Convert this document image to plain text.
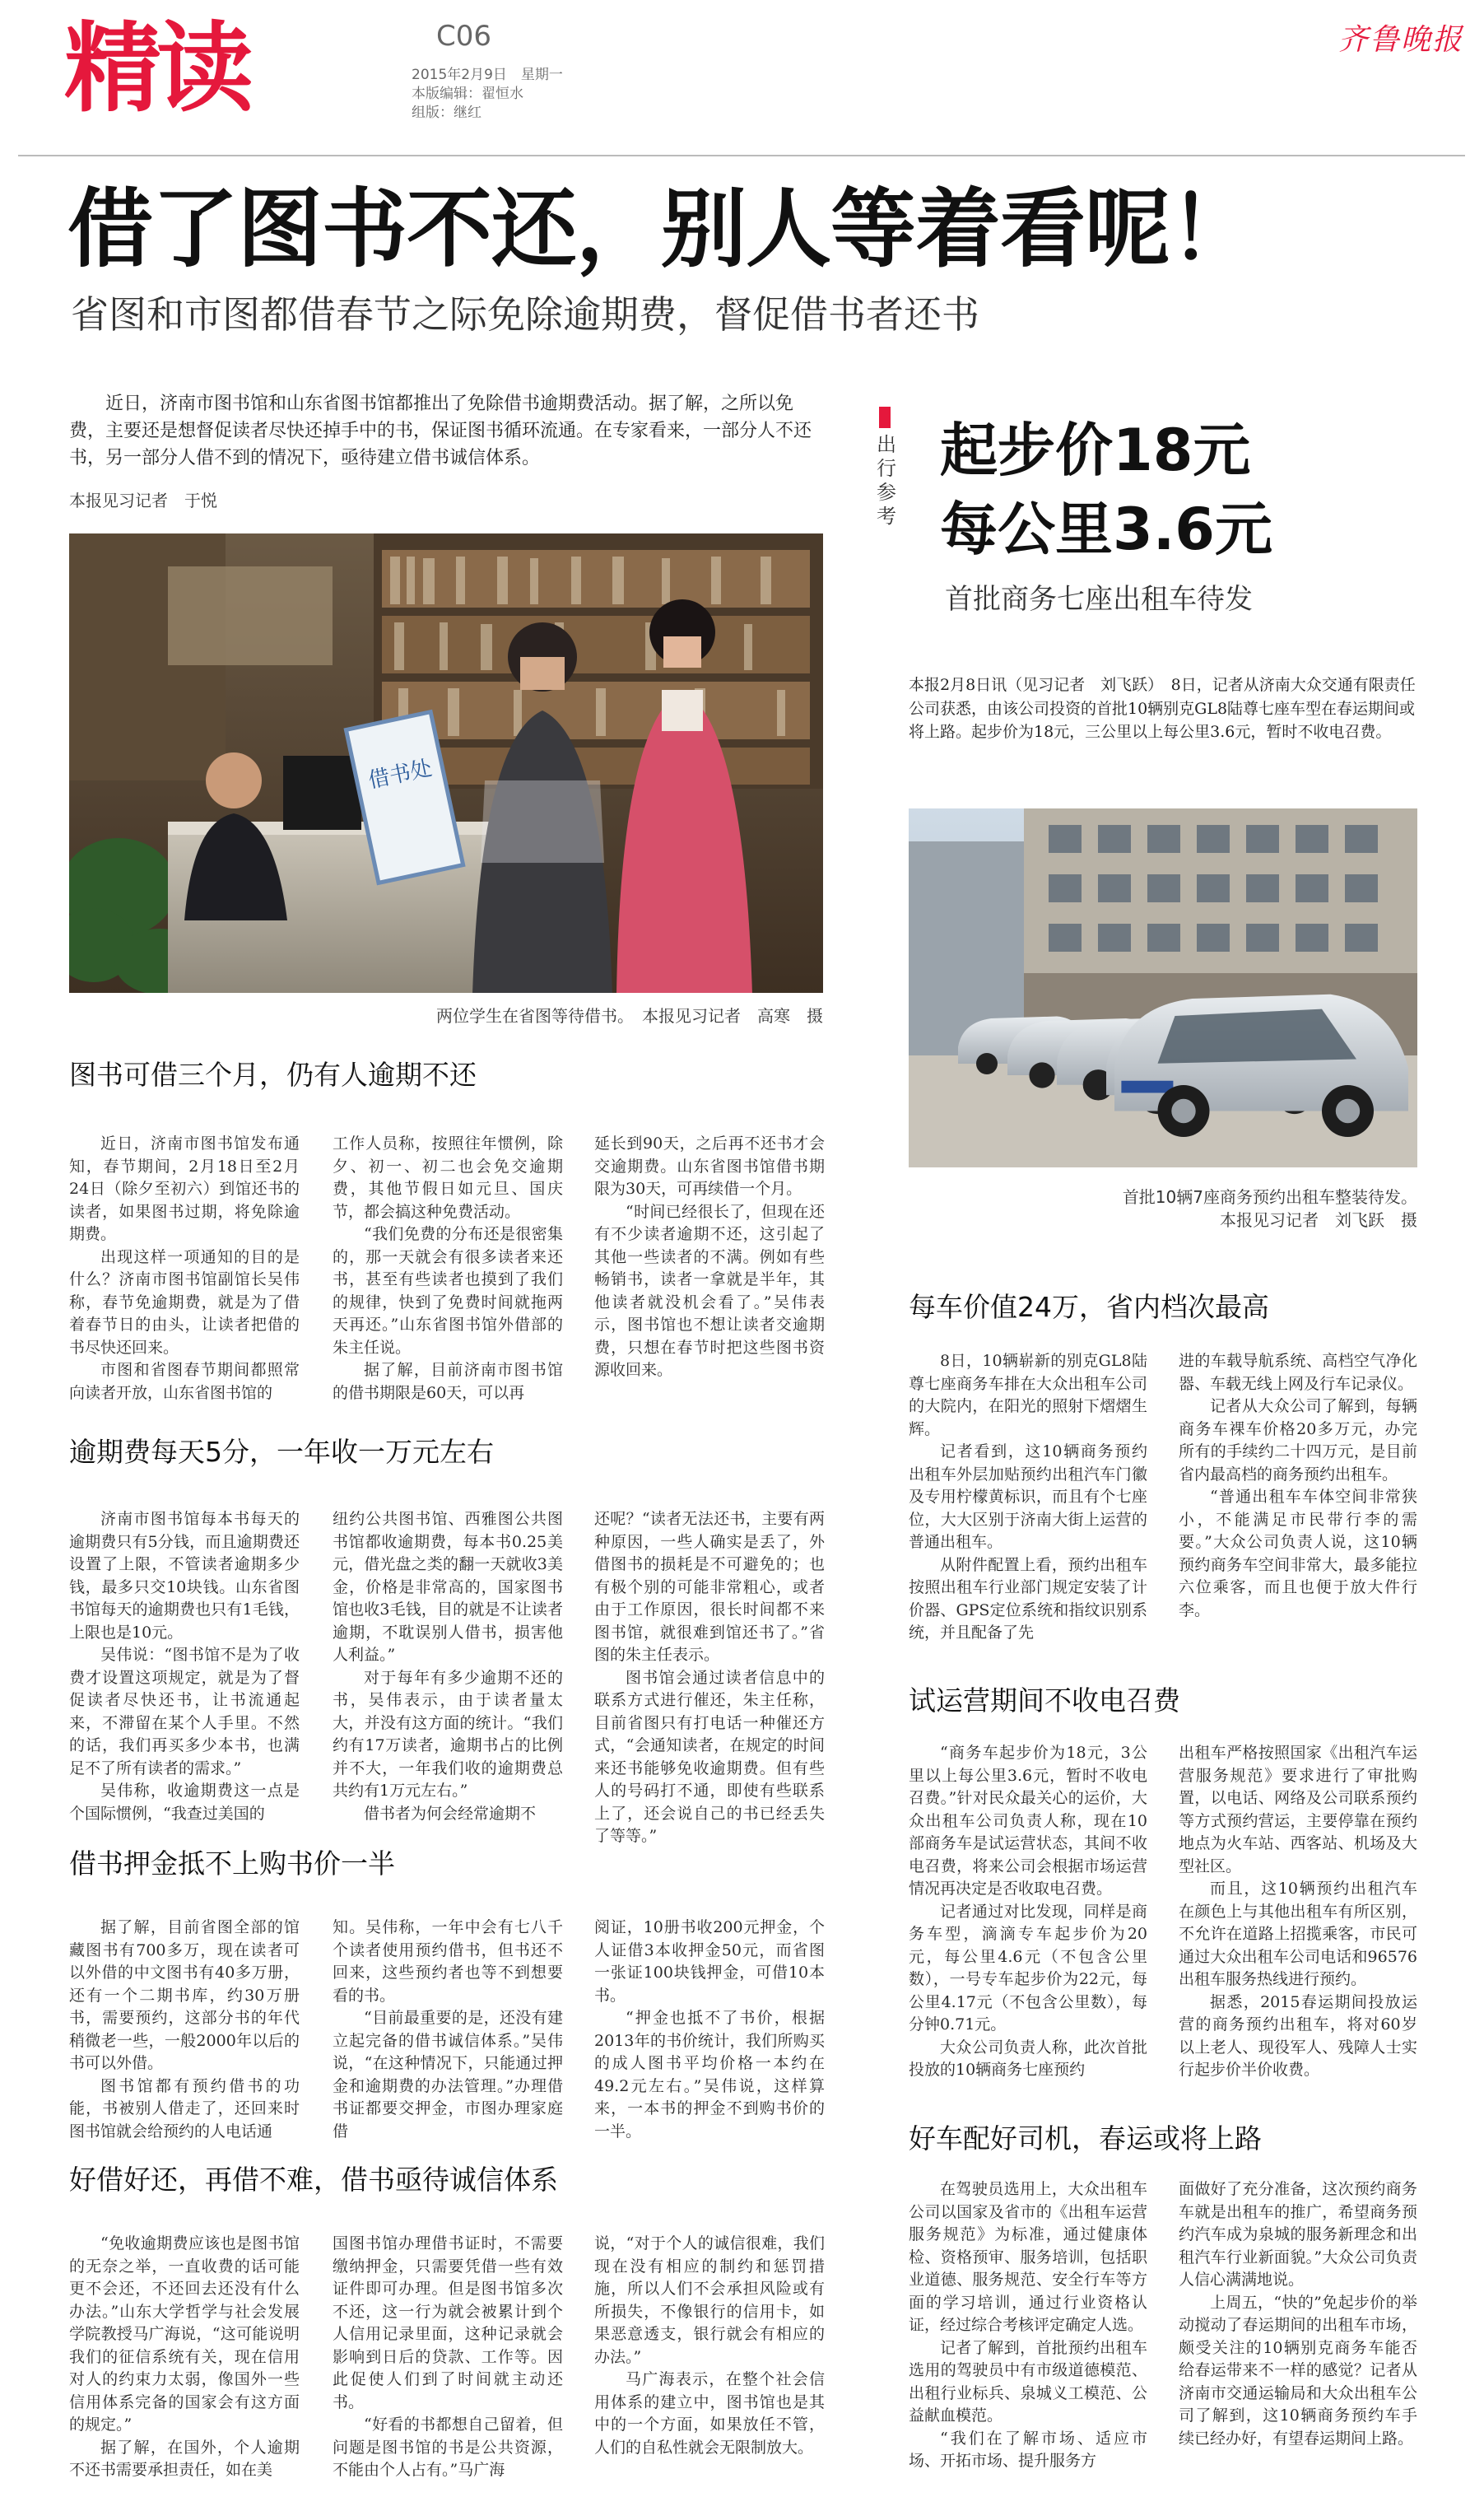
精读	C06
2015年2月9日　星期一
本版编辑：翟恒水
组版：继红
齐鲁晚报
借了图书不还，别人等着看呢！
省图和市图都借春节之际免除逾期费，督促借书者还书
近日，济南市图书馆和山东省图书馆都推出了免除借书逾期费活动。据了解，之所以免费，主要还是想督促读者尽快还掉手中的书，保证图书循环流通。在专家看来，一部分人不还书，另一部分人借不到的情况下，亟待建立借书诚信体系。
本报见习记者　于悦
借书处
两位学生在省图等待借书。　本报见习记者　高寒　摄
图书可借三个月，仍有人逾期不还
近日，济南市图书馆发布通知，春节期间，2月18日至2月24日（除夕至初六）到馆还书的读者，如果图书过期，将免除逾期费。
出现这样一项通知的目的是什么？济南市图书馆副馆长吴伟称，春节免逾期费，就是为了借着春节日的由头，让读者把借的书尽快还回来。
市图和省图春节期间都照常向读者开放，山东省图书馆的
工作人员称，按照往年惯例，除夕、初一、初二也会免交逾期费，其他节假日如元旦、国庆节，都会搞这种免费活动。
“我们免费的分布还是很密集的，那一天就会有很多读者来还书，甚至有些读者也摸到了我们的规律，快到了免费时间就拖两天再还。”山东省图书馆外借部的朱主任说。
据了解，目前济南市图书馆的借书期限是60天，可以再
延长到90天，之后再不还书才会交逾期费。山东省图书馆借书期限为30天，可再续借一个月。
“时间已经很长了，但现在还有不少读者逾期不还，这引起了其他一些读者的不满。例如有些畅销书，读者一拿就是半年，其他读者就没机会看了。”吴伟表示，图书馆也不想让读者交逾期费，只想在春节时把这些图书资源收回来。
逾期费每天5分，一年收一万元左右
济南市图书馆每本书每天的逾期费只有5分钱，而且逾期费还设置了上限，不管读者逾期多少钱，最多只交10块钱。山东省图书馆每天的逾期费也只有1毛钱，上限也是10元。
吴伟说：“图书馆不是为了收费才设置这项规定，就是为了督促读者尽快还书，让书流通起来，不滞留在某个人手里。不然的话，我们再买多少本书，也满足不了所有读者的需求。”
吴伟称，收逾期费这一点是个国际惯例，“我查过美国的
纽约公共图书馆、西雅图公共图书馆都收逾期费，每本书0.25美元，借光盘之类的翻一天就收3美金，价格是非常高的，国家图书馆也收3毛钱，目的就是不让读者逾期，不耽误别人借书，损害他人利益。”
对于每年有多少逾期不还的书，吴伟表示，由于读者量太大，并没有这方面的统计。“我们约有17万读者，逾期书占的比例并不大，一年我们收的逾期费总共约有1万元左右。”
借书者为何会经常逾期不
还呢？“读者无法还书，主要有两种原因，一些人确实是丢了，外借图书的损耗是不可避免的；也有极个别的可能非常粗心，或者由于工作原因，很长时间都不来图书馆，就很难到馆还书了。”省图的朱主任表示。
图书馆会通过读者信息中的联系方式进行催还，朱主任称，目前省图只有打电话一种催还方式，“会通知读者，在规定的时间来还书能够免收逾期费。但有些人的号码打不通，即使有些联系上了，还会说自己的书已经丢失了等等。”
借书押金抵不上购书价一半
据了解，目前省图全部的馆藏图书有700多万，现在读者可以外借的中文图书有40多万册，还有一个二期书库，约30万册书，需要预约，这部分书的年代稍微老一些，一般2000年以后的书可以外借。
图书馆都有预约借书的功能，书被别人借走了，还回来时图书馆就会给预约的人电话通
知。吴伟称，一年中会有七八千个读者使用预约借书，但书还不回来，这些预约者也等不到想要看的书。
“目前最重要的是，还没有建立起完备的借书诚信体系。”吴伟说，“在这种情况下，只能通过押金和逾期费的办法管理。”办理借书证都要交押金，市图办理家庭借
阅证，10册书收200元押金，个人证借3本收押金50元，而省图一张证100块钱押金，可借10本书。
“押金也抵不了书价，根据2013年的书价统计，我们所购买的成人图书平均价格一本约在49.2元左右。”吴伟说，这样算来，一本书的押金不到购书价的一半。
好借好还，再借不难，借书亟待诚信体系
“免收逾期费应该也是图书馆的无奈之举，一直收费的话可能更不会还，不还回去还没有什么办法。”山东大学哲学与社会发展学院教授马广海说，“这可能说明我们的征信系统有关，现在信用对人的约束力太弱，像国外一些信用体系完备的国家会有这方面的规定。”
据了解，在国外，个人逾期不还书需要承担责任，如在美
国图书馆办理借书证时，不需要缴纳押金，只需要凭借一些有效证件即可办理。但是图书馆多次不还，这一行为就会被累计到个人信用记录里面，这种记录就会影响到日后的贷款、工作等。因此促使人们到了时间就主动还书。
“好看的书都想自己留着，但问题是图书馆的书是公共资源，不能由个人占有。”马广海
说，“对于个人的诚信很难，我们现在没有相应的制约和惩罚措施，所以人们不会承担风险或有所损失，不像银行的信用卡，如果恶意透支，银行就会有相应的办法。”
马广海表示，在整个社会信用体系的建立中，图书馆也是其中的一个方面，如果放任不管，人们的自私性就会无限制放大。
出行参考
起步价18元
每公里3.6元
首批商务七座出租车待发
本报2月8日讯（见习记者　刘飞跃）　8日，记者从济南大众交通有限责任公司获悉，由该公司投资的首批10辆别克GL8陆尊七座车型在春运期间或将上路。起步价为18元，三公里以上每公里3.6元，暂时不收电召费。
首批10辆7座商务预约出租车整装待发。
本报见习记者　刘飞跃　摄
每车价值24万，省内档次最高
8日，10辆崭新的别克GL8陆尊七座商务车排在大众出租车公司的大院内，在阳光的照射下熠熠生辉。
记者看到，这10辆商务预约出租车外层加贴预约出租汽车门徽及专用柠檬黄标识，而且有个七座位，大大区别于济南大街上运营的普通出租车。
从附件配置上看，预约出租车按照出租车行业部门规定安装了计价器、GPS定位系统和指纹识别系统，并且配备了先
进的车载导航系统、高档空气净化器、车载无线上网及行车记录仪。
记者从大众公司了解到，每辆商务车裸车价格20多万元，办完所有的手续约二十四万元，是目前省内最高档的商务预约出租车。
“普通出租车车体空间非常狭小，不能满足市民带行李的需要。”大众公司负责人说，这10辆预约商务车空间非常大，最多能拉六位乘客，而且也便于放大件行李。
试运营期间不收电召费
“商务车起步价为18元，3公里以上每公里3.6元，暂时不收电召费。”针对民众最关心的运价，大众出租车公司负责人称，现在10部商务车是试运营状态，其间不收电召费，将来公司会根据市场运营情况再决定是否收取电召费。
记者通过对比发现，同样是商务车型，滴滴专车起步价为20元，每公里4.6元（不包含公里数），一号专车起步价为22元，每公里4.17元（不包含公里数），每分钟0.71元。
大众公司负责人称，此次首批投放的10辆商务七座预约
出租车严格按照国家《出租汽车运营服务规范》要求进行了审批购置，以电话、网络及公司联系预约等方式预约营运，主要停靠在预约地点为火车站、西客站、机场及大型社区。
而且，这10辆预约出租汽车在颜色上与其他出租车有所区别，不允许在道路上招揽乘客，市民可通过大众出租车公司电话和96576出租车服务热线进行预约。
据悉，2015春运期间投放运营的商务预约出租车，将对60岁以上老人、现役军人、残障人士实行起步价半价收费。
好车配好司机，春运或将上路
在驾驶员选用上，大众出租车公司以国家及省市的《出租车运营服务规范》为标准，通过健康体检、资格预审、服务培训，包括职业道德、服务规范、安全行车等方面的学习培训，通过行业资格认证，经过综合考核评定确定人选。
记者了解到，首批预约出租车选用的驾驶员中有市级道德模范、出租行业标兵、泉城义工模范、公益献血模范。
“我们在了解市场、适应市场、开拓市场、提升服务方
面做好了充分准备，这次预约商务车就是出租车的推广，希望商务预约汽车成为泉城的服务新理念和出租汽车行业新面貌。”大众公司负责人信心满满地说。
上周五，“快的”免起步价的举动搅动了春运期间的出租车市场，颇受关注的10辆别克商务车能否给春运带来不一样的感觉？记者从济南市交通运输局和大众出租车公司了解到，这10辆商务预约车手续已经办好，有望春运期间上路。
